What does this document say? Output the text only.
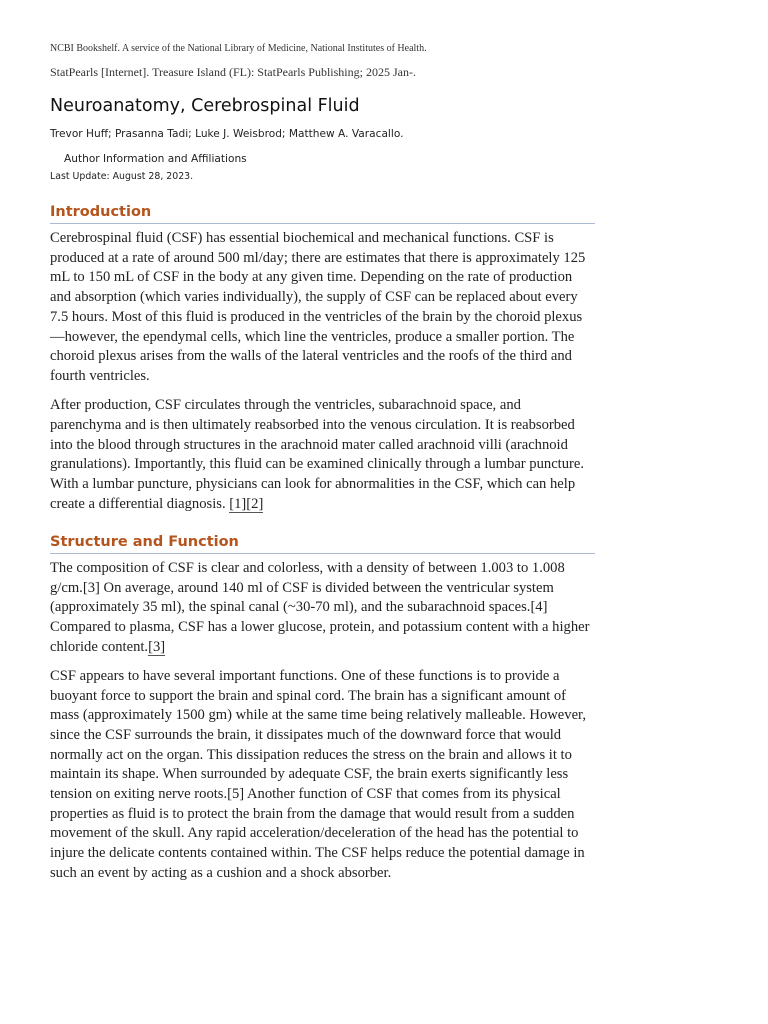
NCBI Bookshelf. A service of the National Library of Medicine, National Institutes of Health.

StatPearls [Internet]. Treasure Island (FL): StatPearls Publishing; 2025 Jan-.

Neuroanatomy, Cerebrospinal Fluid
Trevor Huff; Prasanna Tadi; Luke J. Weisbrod; Matthew A. Varacallo.
Author Information and Affiliations
Last Update: August 28, 2023.
Introduction

Cerebrospinal fluid (CSF) has essential biochemical and mechanical functions. CSF is produced at a rate of around 500 ml/day; there are estimates that there is approximately 125 mL to 150 mL of CSF in the body at any given time. Depending on the rate of production and absorption (which varies individually), the supply of CSF can be replaced about every 7.5 hours. Most of this fluid is produced in the ventricles of the brain by the choroid plexus—however, the ependymal cells, which line the ventricles, produce a smaller portion. The choroid plexus arises from the walls of the lateral ventricles and the roofs of the third and fourth ventricles.

After production, CSF circulates through the ventricles, subarachnoid space, and parenchyma and is then ultimately reabsorbed into the venous circulation. It is reabsorbed into the blood through structures in the arachnoid mater called arachnoid villi (arachnoid granulations). Importantly, this fluid can be examined clinically through a lumbar puncture. With a lumbar puncture, physicians can look for abnormalities in the CSF, which can help create a differential diagnosis. [1][2]

Structure and Function

The composition of CSF is clear and colorless, with a density of between 1.003 to 1.008 g/cm.[3] On average, around 140 ml of CSF is divided between the ventricular system (approximately 35 ml), the spinal canal (~30-70 ml), and the subarachnoid spaces.[4] Compared to plasma, CSF has a lower glucose, protein, and potassium content with a higher chloride content.[3]

CSF appears to have several important functions. One of these functions is to provide a buoyant force to support the brain and spinal cord. The brain has a significant amount of mass (approximately 1500 gm) while at the same time being relatively malleable. However, since the CSF surrounds the brain, it dissipates much of the downward force that would normally act on the organ. This dissipation reduces the stress on the brain and allows it to maintain its shape. When surrounded by adequate CSF, the brain exerts significantly less tension on exiting nerve roots.[5] Another function of CSF that comes from its physical properties as fluid is to protect the brain from the damage that would result from a sudden movement of the skull. Any rapid acceleration/deceleration of the head has the potential to injure the delicate contents contained within. The CSF helps reduce the potential damage in such an event by acting as a cushion and a shock absorber.
